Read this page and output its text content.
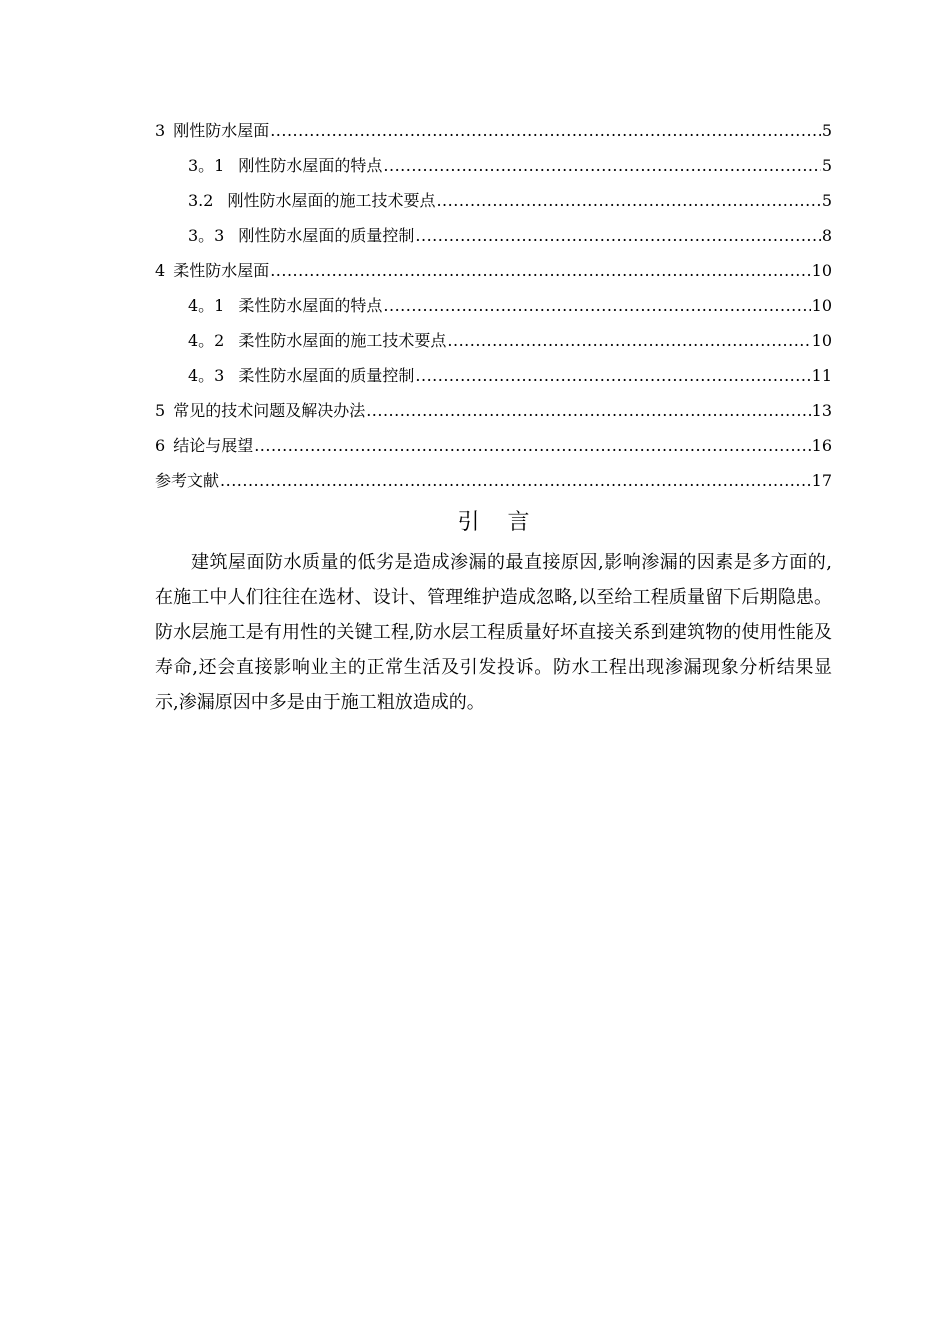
3 刚性防水屋面 .....	5
3。1 刚性防水屋面的特点 .....	5
3.2 刚性防水屋面的施工技术要点 .....	5
3。3 刚性防水屋面的质量控制 .....	8
4 柔性防水屋面 .....	10
4。1 柔性防水屋面的特点 .....	10
4。2 柔性防水屋面的施工技术要点 .....	10
4。3 柔性防水屋面的质量控制 .....	11
5 常见的技术问题及解决办法 .....	13
6 结论与展望 .....	16
参考文献 .....	17
引言

建筑屋面防水质量的低劣是造成渗漏的最直接原因,影响渗漏的因素是多方面的,在施工中人们往往在选材、设计、管理维护造成忽略,以至给工程质量留下后期隐患。防水层施工是有用性的关键工程,防水层工程质量好坏直接关系到建筑物的使用性能及寿命,还会直接影响业主的正常生活及引发投诉。防水工程出现渗漏现象分析结果显示,渗漏原因中多是由于施工粗放造成的。
